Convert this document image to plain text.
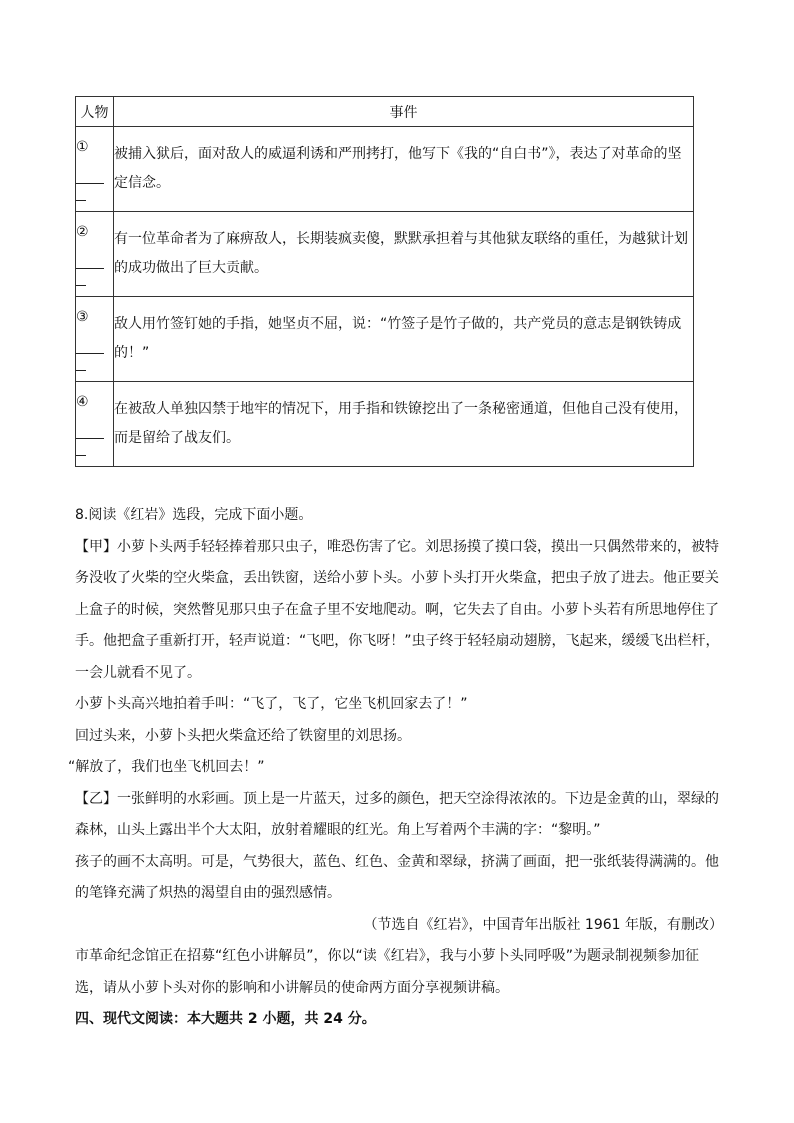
人物	事件
①	被捕入狱后，面对敌人的威逼利诱和严刑拷打，他写下《我的“自白书”》，表达了对革命的坚定信念。
②	有一位革命者为了麻痹敌人，长期装疯卖傻，默默承担着与其他狱友联络的重任，为越狱计划的成功做出了巨大贡献。
③	敌人用竹签钉她的手指，她坚贞不屈，说：“竹签子是竹子做的，共产党员的意志是钢铁铸成的！”
④	在被敌人单独囚禁于地牢的情况下，用手指和铁镣挖出了一条秘密通道，但他自己没有使用，而是留给了战友们。

8.阅读《红岩》选段，完成下面小题。

【甲】小萝卜头两手轻轻捧着那只虫子，唯恐伤害了它。刘思扬摸了摸口袋，摸出一只偶然带来的，被特务没收了火柴的空火柴盒，丢出铁窗，送给小萝卜头。小萝卜头打开火柴盒，把虫子放了进去。他正要关上盒子的时候，突然瞥见那只虫子在盒子里不安地爬动。啊，它失去了自由。小萝卜头若有所思地停住了手。他把盒子重新打开，轻声说道：“飞吧，你飞呀！”虫子终于轻轻扇动翅膀，飞起来，缓缓飞出栏杆，一会儿就看不见了。

小萝卜头高兴地拍着手叫：“飞了，飞了，它坐飞机回家去了！”

回过头来，小萝卜头把火柴盒还给了铁窗里的刘思扬。

“解放了，我们也坐飞机回去！”

【乙】一张鲜明的水彩画。顶上是一片蓝天，过多的颜色，把天空涂得浓浓的。下边是金黄的山，翠绿的森林，山头上露出半个大太阳，放射着耀眼的红光。角上写着两个丰满的字：“黎明。”

孩子的画不太高明。可是，气势很大，蓝色、红色、金黄和翠绿，挤满了画面，把一张纸装得满满的。他的笔锋充满了炽热的渴望自由的强烈感情。

（节选自《红岩》，中国青年出版社 1961 年版，有删改）

市革命纪念馆正在招募“红色小讲解员”，你以“读《红岩》，我与小萝卜头同呼吸”为题录制视频参加征选，请从小萝卜头对你的影响和小讲解员的使命两方面分享视频讲稿。

四、现代文阅读：本大题共 2 小题，共 24 分。
